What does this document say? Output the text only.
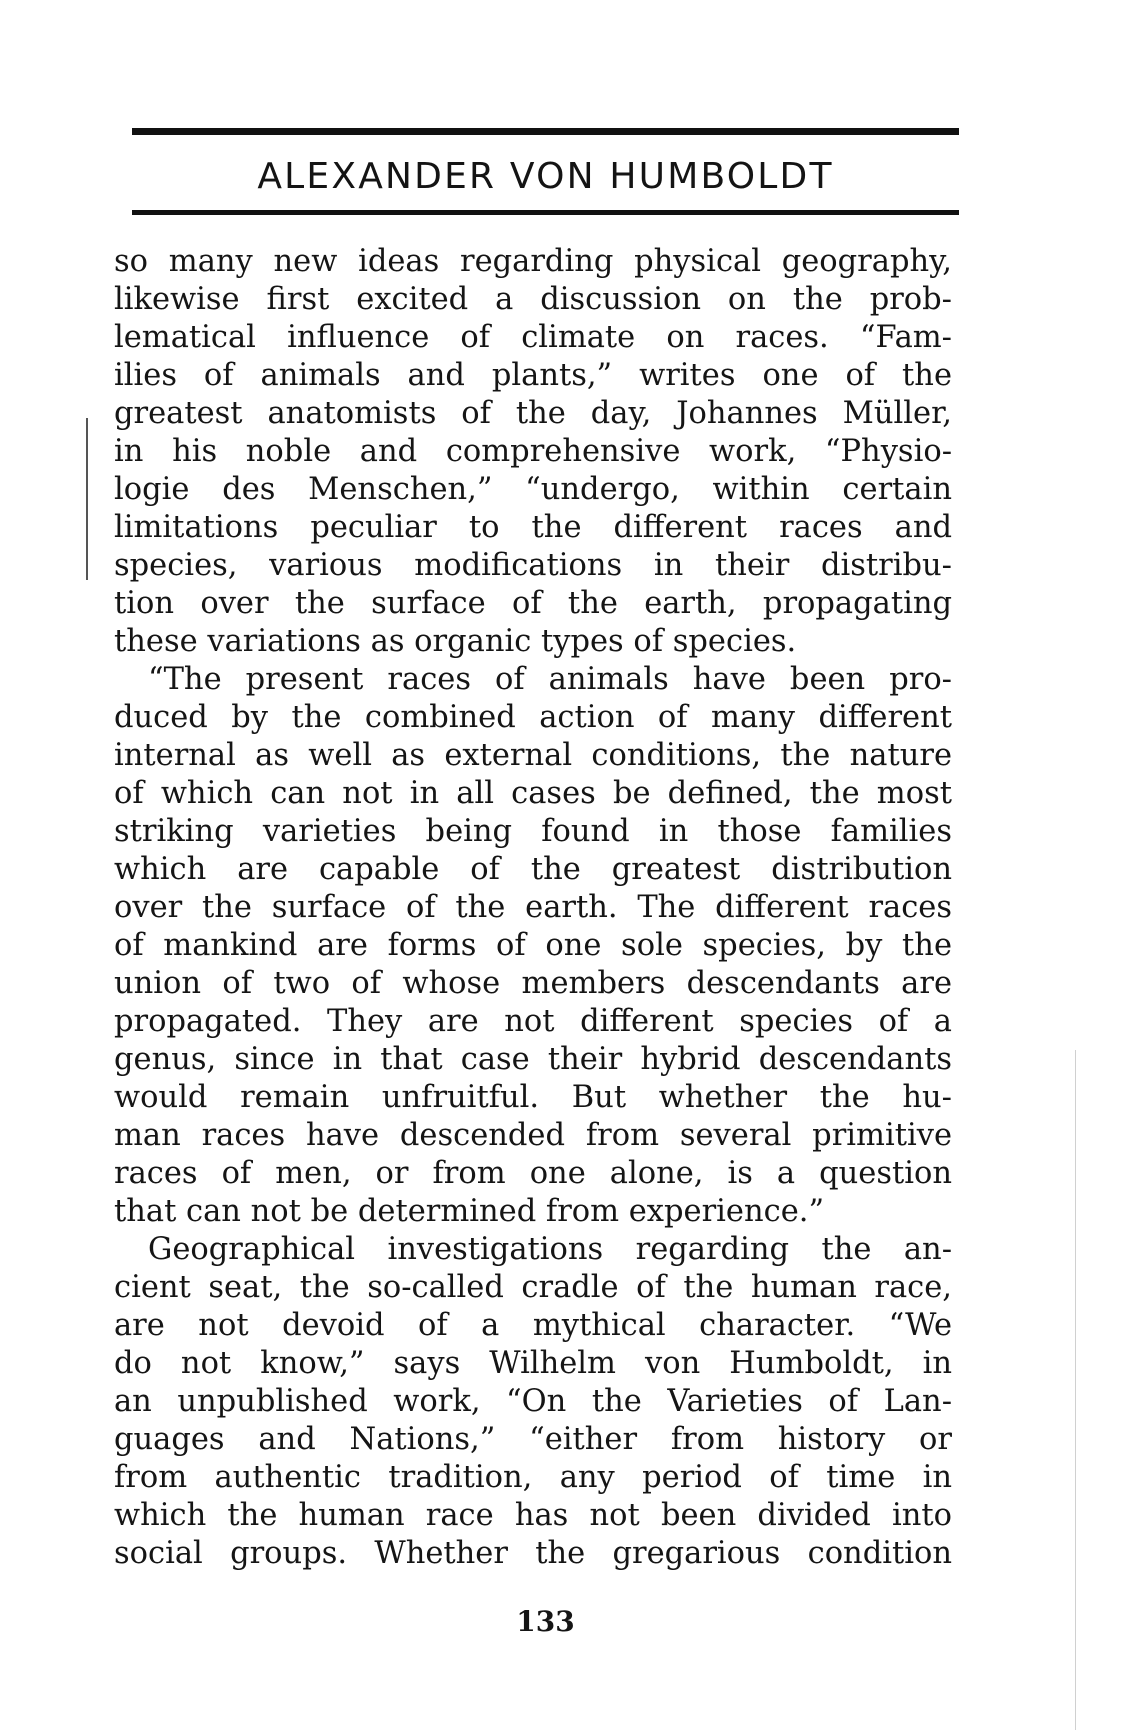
ALEXANDER VON HUMBOLDT
so many new ideas regarding physical geography,
likewise first excited a discussion on the prob-
lematical influence of climate on races. “Fam-
ilies of animals and plants,” writes one of the
greatest anatomists of the day, Johannes Müller,
in his noble and comprehensive work, “Physio-
logie des Menschen,” “undergo, within certain
limitations peculiar to the different races and
species, various modifications in their distribu-
tion over the surface of the earth, propagating
these variations as organic types of species.
“The present races of animals have been pro-
duced by the combined action of many different
internal as well as external conditions, the nature
of which can not in all cases be defined, the most
striking varieties being found in those families
which are capable of the greatest distribution
over the surface of the earth. The different races
of mankind are forms of one sole species, by the
union of two of whose members descendants are
propagated. They are not different species of a
genus, since in that case their hybrid descendants
would remain unfruitful. But whether the hu-
man races have descended from several primitive
races of men, or from one alone, is a question
that can not be determined from experience.”
Geographical investigations regarding the an-
cient seat, the so-called cradle of the human race,
are not devoid of a mythical character. “We
do not know,” says Wilhelm von Humboldt, in
an unpublished work, “On the Varieties of Lan-
guages and Nations,” “either from history or
from authentic tradition, any period of time in
which the human race has not been divided into
social groups. Whether the gregarious condition
133
